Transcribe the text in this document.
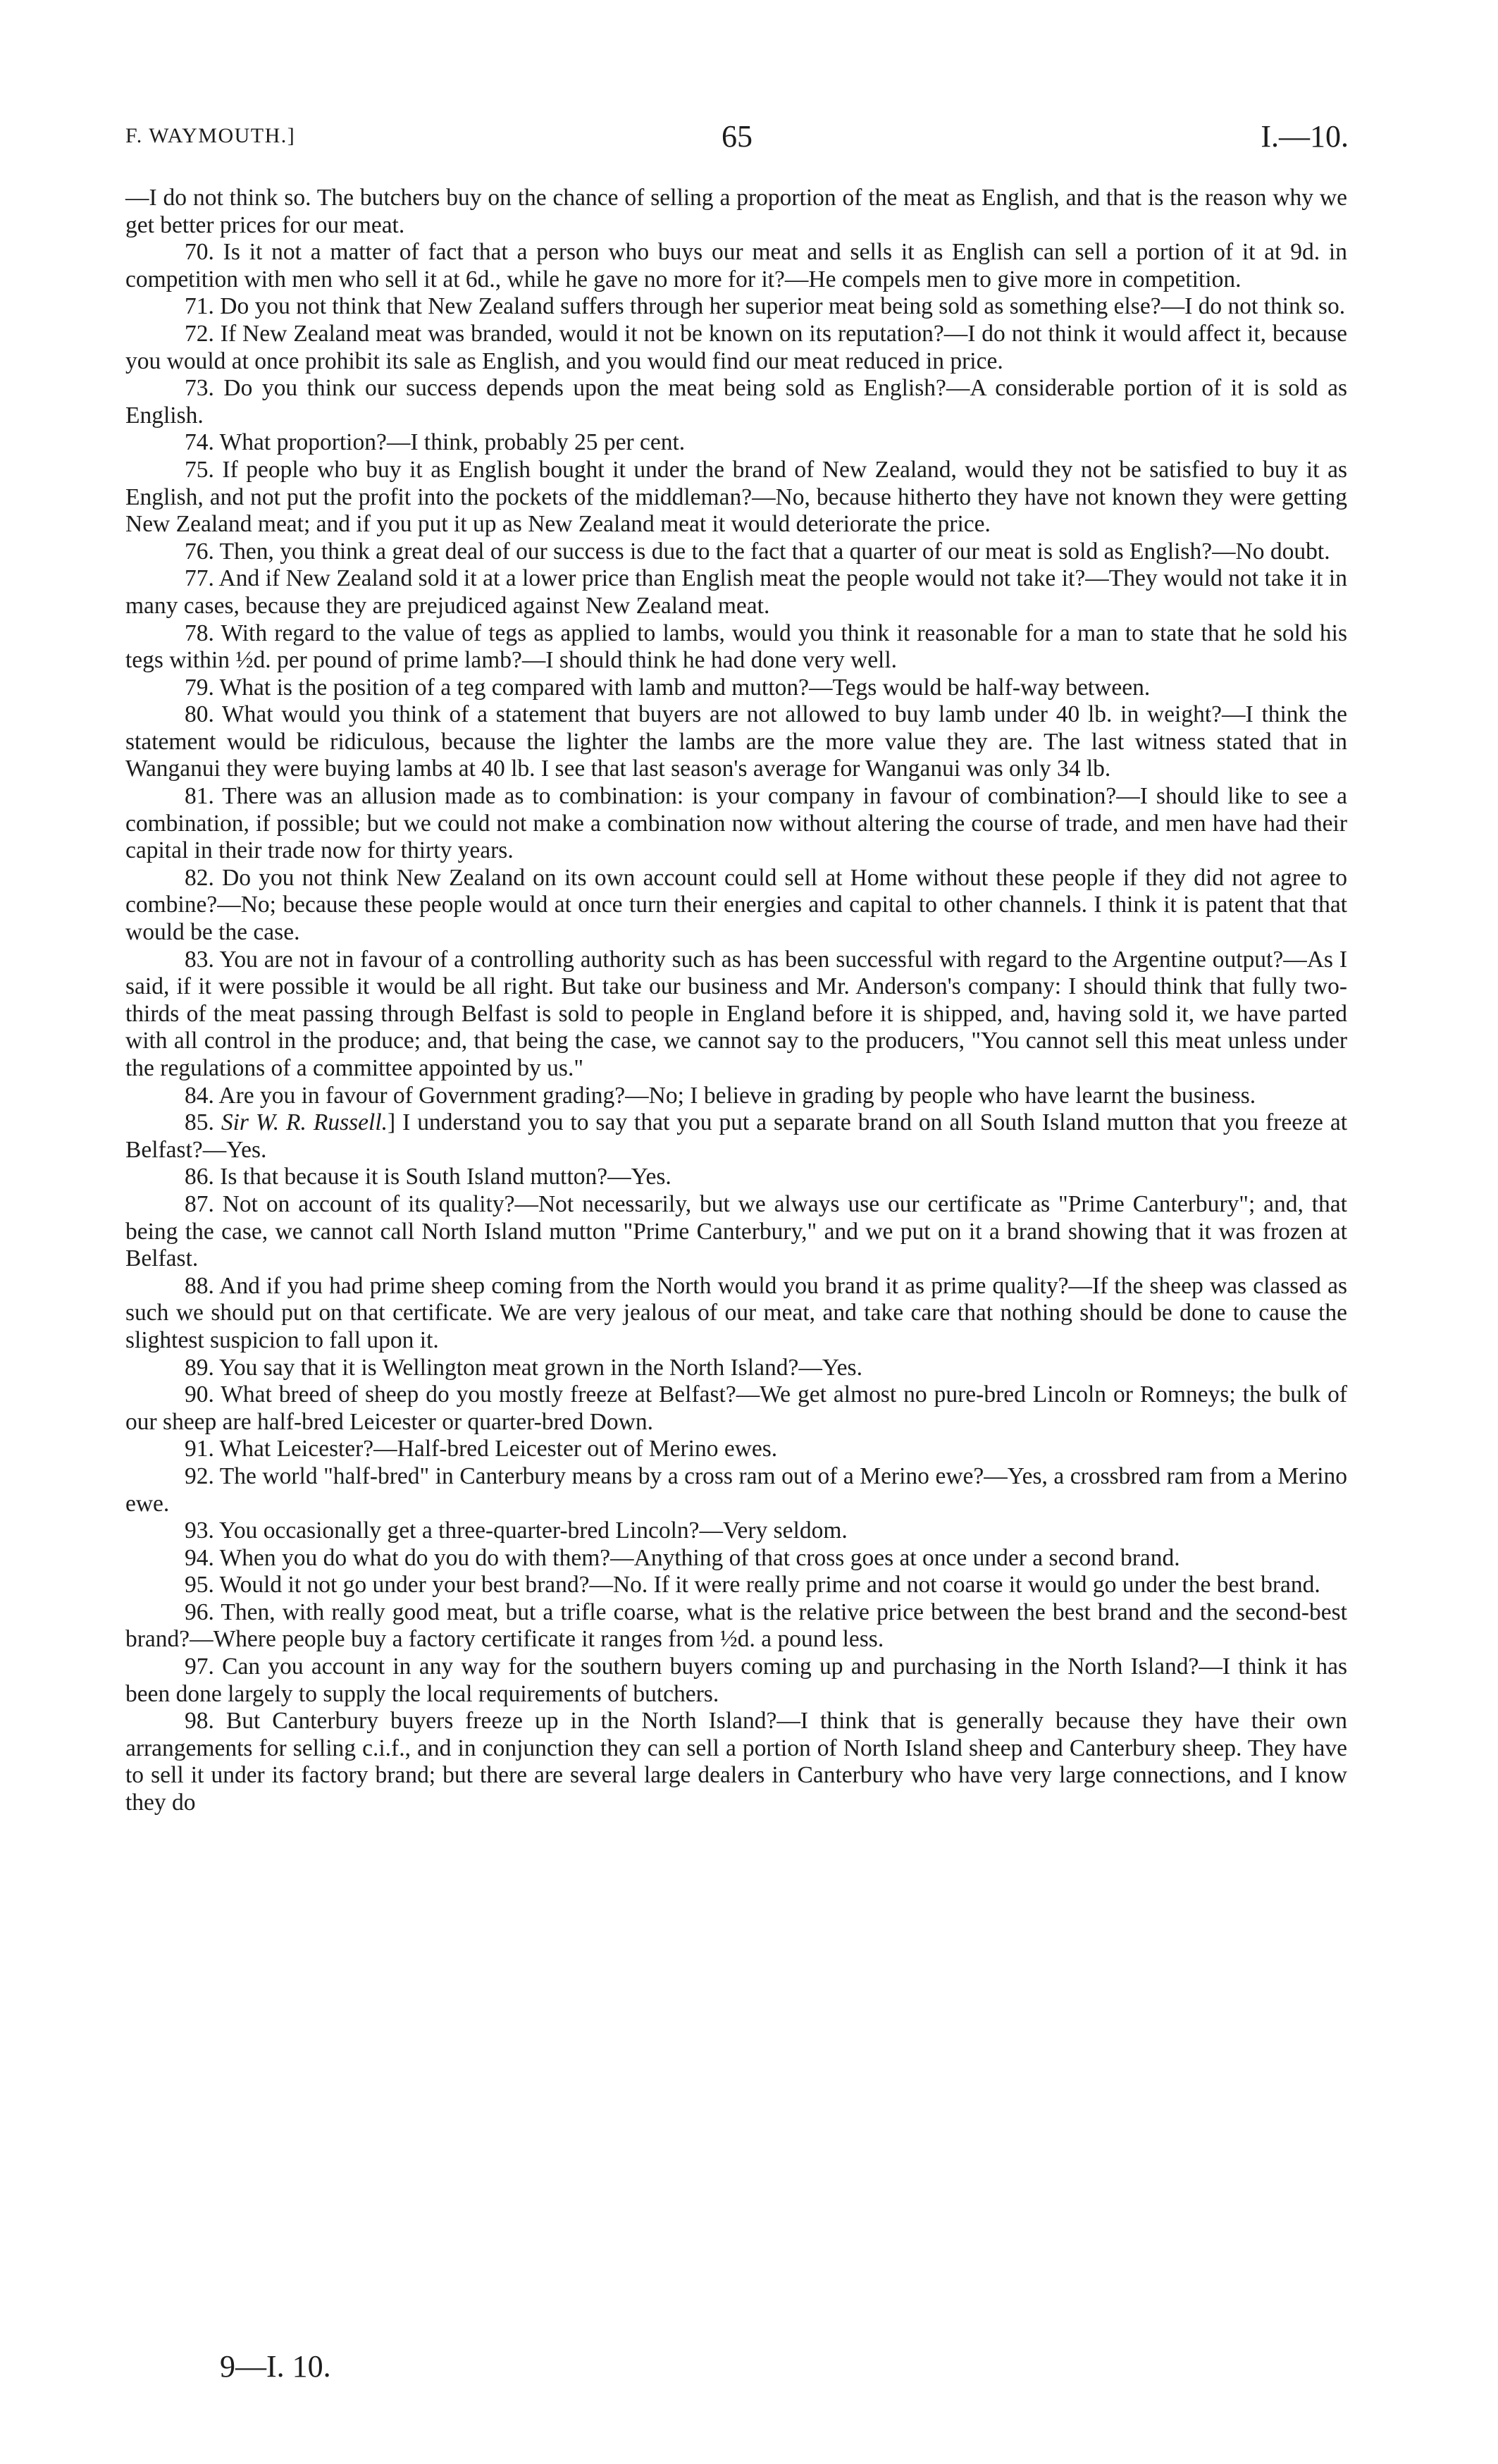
F. WAYMOUTH.]	65	I.—10.

—I do not think so. The butchers buy on the chance of selling a proportion of the meat as English, and that is the reason why we get better prices for our meat.

70. Is it not a matter of fact that a person who buys our meat and sells it as English can sell a portion of it at 9d. in competition with men who sell it at 6d., while he gave no more for it?—He compels men to give more in competition.

71. Do you not think that New Zealand suffers through her superior meat being sold as something else?—I do not think so.

72. If New Zealand meat was branded, would it not be known on its reputation?—I do not think it would affect it, because you would at once prohibit its sale as English, and you would find our meat reduced in price.

73. Do you think our success depends upon the meat being sold as English?—A considerable portion of it is sold as English.

74. What proportion?—I think, probably 25 per cent.

75. If people who buy it as English bought it under the brand of New Zealand, would they not be satisfied to buy it as English, and not put the profit into the pockets of the middleman?—No, because hitherto they have not known they were getting New Zealand meat; and if you put it up as New Zealand meat it would deteriorate the price.

76. Then, you think a great deal of our success is due to the fact that a quarter of our meat is sold as English?—No doubt.

77. And if New Zealand sold it at a lower price than English meat the people would not take it?—They would not take it in many cases, because they are prejudiced against New Zealand meat.

78. With regard to the value of tegs as applied to lambs, would you think it reasonable for a man to state that he sold his tegs within ½d. per pound of prime lamb?—I should think he had done very well.

79. What is the position of a teg compared with lamb and mutton?—Tegs would be half-way between.

80. What would you think of a statement that buyers are not allowed to buy lamb under 40 lb. in weight?—I think the statement would be ridiculous, because the lighter the lambs are the more value they are. The last witness stated that in Wanganui they were buying lambs at 40 lb. I see that last season's average for Wanganui was only 34 lb.

81. There was an allusion made as to combination: is your company in favour of combination?—I should like to see a combination, if possible; but we could not make a combination now without altering the course of trade, and men have had their capital in their trade now for thirty years.

82. Do you not think New Zealand on its own account could sell at Home without these people if they did not agree to combine?—No; because these people would at once turn their energies and capital to other channels. I think it is patent that that would be the case.

83. You are not in favour of a controlling authority such as has been successful with regard to the Argentine output?—As I said, if it were possible it would be all right. But take our business and Mr. Anderson's company: I should think that fully two-thirds of the meat passing through Belfast is sold to people in England before it is shipped, and, having sold it, we have parted with all control in the produce; and, that being the case, we cannot say to the producers, "You cannot sell this meat unless under the regulations of a committee appointed by us."

84. Are you in favour of Government grading?—No; I believe in grading by people who have learnt the business.

85. Sir W. R. Russell.] I understand you to say that you put a separate brand on all South Island mutton that you freeze at Belfast?—Yes.

86. Is that because it is South Island mutton?—Yes.

87. Not on account of its quality?—Not necessarily, but we always use our certificate as "Prime Canterbury"; and, that being the case, we cannot call North Island mutton "Prime Canterbury," and we put on it a brand showing that it was frozen at Belfast.

88. And if you had prime sheep coming from the North would you brand it as prime quality?—If the sheep was classed as such we should put on that certificate. We are very jealous of our meat, and take care that nothing should be done to cause the slightest suspicion to fall upon it.

89. You say that it is Wellington meat grown in the North Island?—Yes.

90. What breed of sheep do you mostly freeze at Belfast?—We get almost no pure-bred Lincoln or Romneys; the bulk of our sheep are half-bred Leicester or quarter-bred Down.

91. What Leicester?—Half-bred Leicester out of Merino ewes.

92. The world "half-bred" in Canterbury means by a cross ram out of a Merino ewe?—Yes, a crossbred ram from a Merino ewe.

93. You occasionally get a three-quarter-bred Lincoln?—Very seldom.

94. When you do what do you do with them?—Anything of that cross goes at once under a second brand.

95. Would it not go under your best brand?—No. If it were really prime and not coarse it would go under the best brand.

96. Then, with really good meat, but a trifle coarse, what is the relative price between the best brand and the second-best brand?—Where people buy a factory certificate it ranges from ½d. a pound less.

97. Can you account in any way for the southern buyers coming up and purchasing in the North Island?—I think it has been done largely to supply the local requirements of butchers.

98. But Canterbury buyers freeze up in the North Island?—I think that is generally because they have their own arrangements for selling c.i.f., and in conjunction they can sell a portion of North Island sheep and Canterbury sheep. They have to sell it under its factory brand; but there are several large dealers in Canterbury who have very large connections, and I know they do

9—I. 10.
